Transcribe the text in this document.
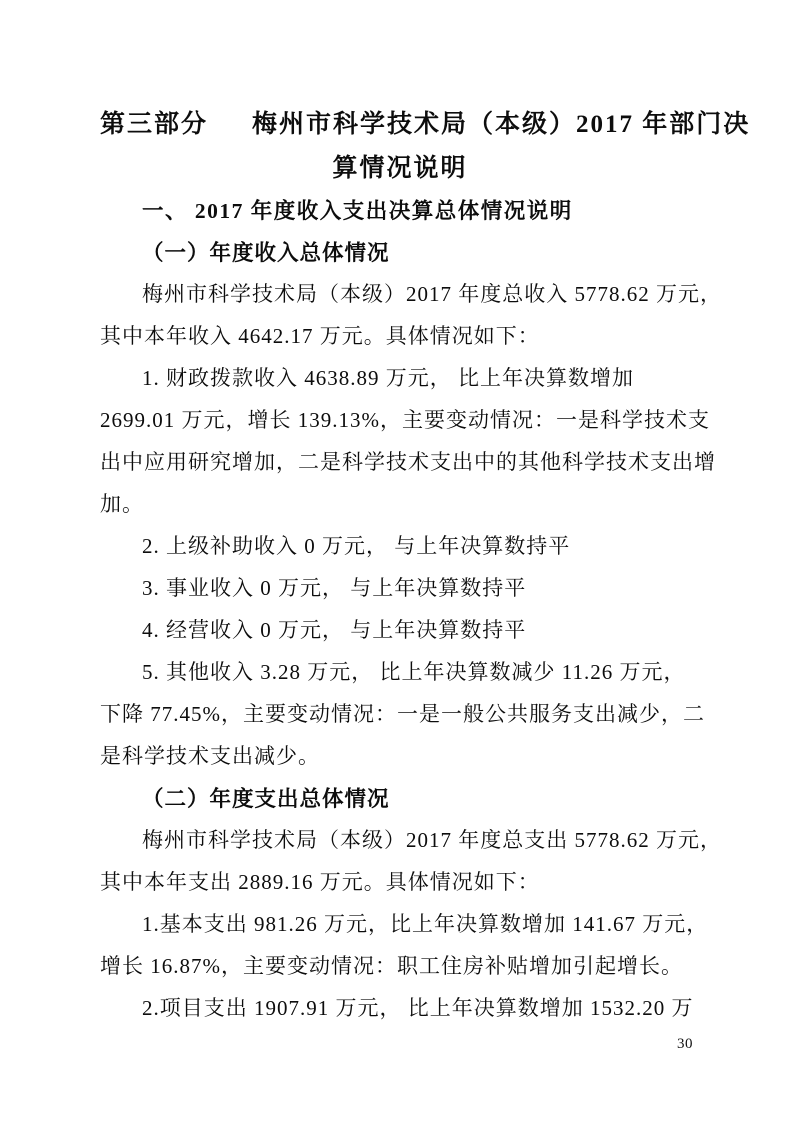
第三部分 梅州市科学技术局（本级）2017 年部门决
算情况说明
一、 2017 年度收入支出决算总体情况说明
（一）年度收入总体情况
梅州市科学技术局（本级）2017 年度总收入 5778.62 万元，
其中本年收入 4642.17 万元。具体情况如下：
1. 财政拨款收入 4638.89 万元， 比上年决算数增加
2699.01 万元，增长 139.13%，主要变动情况：一是科学技术支
出中应用研究增加，二是科学技术支出中的其他科学技术支出增
加。
2. 上级补助收入 0 万元， 与上年决算数持平
3. 事业收入 0 万元， 与上年决算数持平
4. 经营收入 0 万元， 与上年决算数持平
5. 其他收入 3.28 万元， 比上年决算数减少 11.26 万元，
下降 77.45%，主要变动情况：一是一般公共服务支出减少，二
是科学技术支出减少。
（二）年度支出总体情况
梅州市科学技术局（本级）2017 年度总支出 5778.62 万元，
其中本年支出 2889.16 万元。具体情况如下：
1.基本支出 981.26 万元，比上年决算数增加 141.67 万元，
增长 16.87%，主要变动情况：职工住房补贴增加引起增长。
2.项目支出 1907.91 万元， 比上年决算数增加 1532.20 万
30
